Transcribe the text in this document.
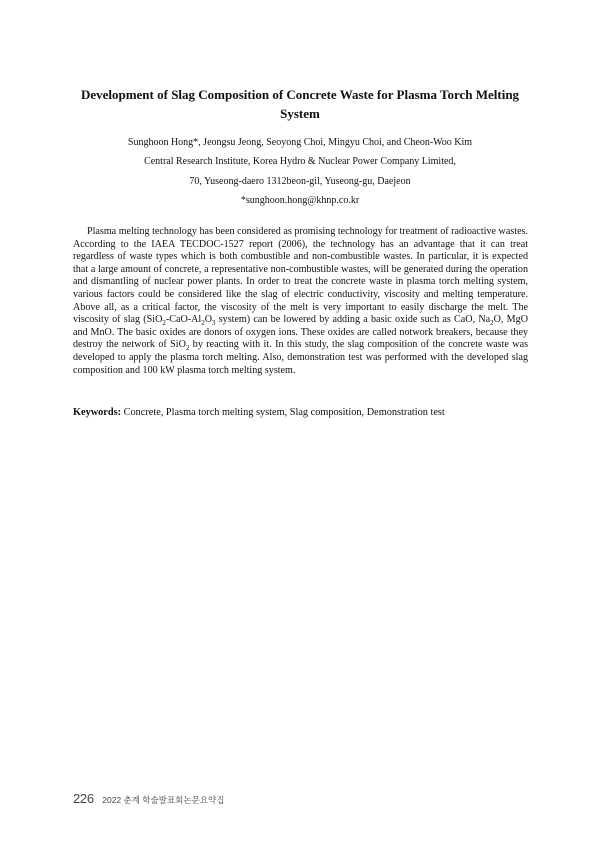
Development of Slag Composition of Concrete Waste for Plasma Torch Melting System
Sunghoon Hong*, Jeongsu Jeong, Seoyong Choi, Mingyu Choi, and Cheon-Woo Kim
Central Research Institute, Korea Hydro & Nuclear Power Company Limited,
70, Yuseong-daero 1312beon-gil, Yuseong-gu, Daejeon
*sunghoon.hong@khnp.co.kr
Plasma melting technology has been considered as promising technology for treatment of radioactive wastes. According to the IAEA TECDOC-1527 report (2006), the technology has an advantage that it can treat regardless of waste types which is both combustible and non-combustible wastes. In particular, it is expected that a large amount of concrete, a representative non-combustible wastes, will be generated during the operation and dismantling of nuclear power plants. In order to treat the concrete waste in plasma torch melting system, various factors could be considered like the slag of electric conductivity, viscosity and melting temperature. Above all, as a critical factor, the viscosity of the melt is very important to easily discharge the melt. The viscosity of slag ($SiO_2-CaO-Al_2O_3$ system) can be lowered by adding a basic oxide such as CaO, $Na_2O$, MgO and MnO. The basic oxides are donors of oxygen ions. These oxides are called notwork breakers, because they destroy the network of SiO$_2$ by reacting with it. In this study, the slag composition of the concrete waste was developed to apply the plasma torch melting. Also, demonstration test was performed with the developed slag composition and 100 kW plasma torch melting system.
Keywords: Concrete, Plasma torch melting system, Slag composition, Demonstration test
226 2022 춘계 학술발표회논문요약집
